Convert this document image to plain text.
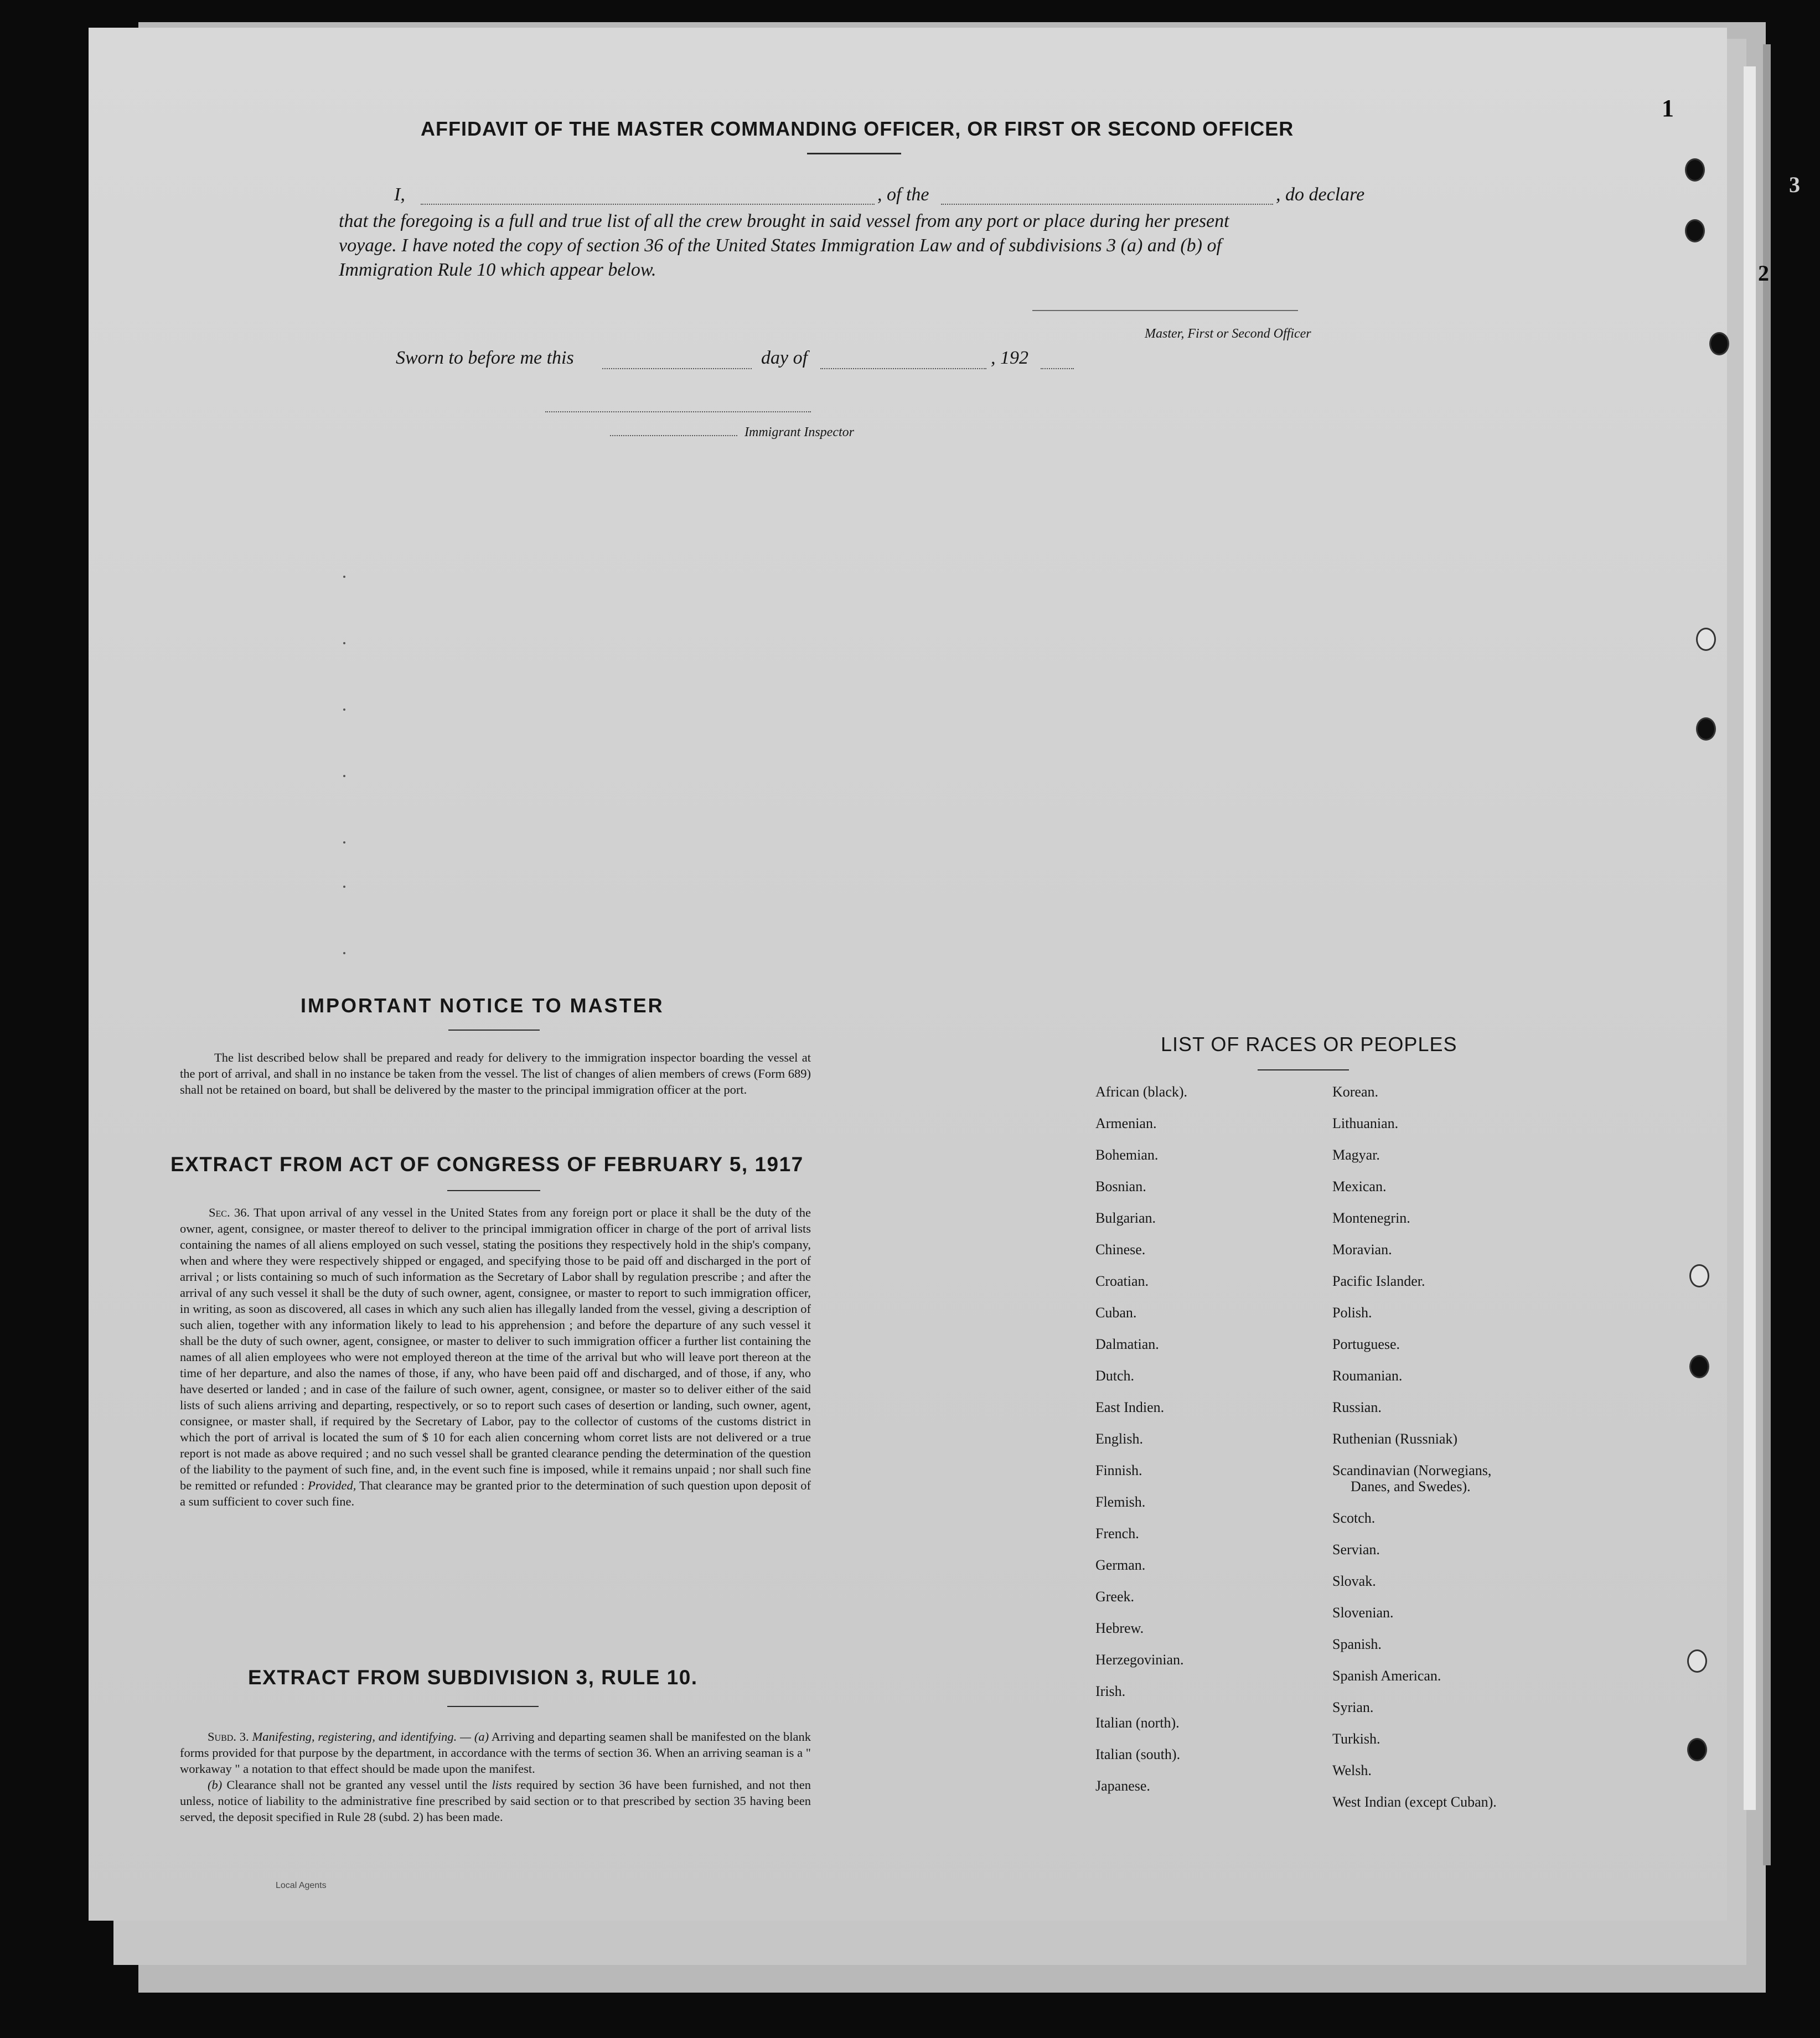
AFFIDAVIT OF THE MASTER COMMANDING OFFICER, OR FIRST OR SECOND OFFICER
I,	, of the	, do declare
that the foregoing is a full and true list of all the crew brought in said vessel from any port or place during her present
voyage. I have noted the copy of section 36 of the United States Immigration Law and of subdivisions 3 (a) and (b) of
Immigration Rule 10 which appear below.
Master, First or Second Officer
Sworn to before me this	day of	, 192
Immigrant Inspector
IMPORTANT NOTICE TO MASTER
The list described below shall be prepared and ready for delivery to the immigration inspector boarding the vessel at the port of arrival, and shall in no instance be taken from the vessel. The list of changes of alien members of crews (Form 689) shall not be retained on board, but shall be delivered by the master to the principal immigration officer at the port.
EXTRACT FROM ACT OF CONGRESS OF FEBRUARY 5, 1917
Sec. 36. That upon arrival of any vessel in the United States from any foreign port or place it shall be the duty of the owner, agent, consignee, or master thereof to deliver to the principal immigration officer in charge of the port of arrival lists containing the names of all aliens employed on such vessel, stating the positions they respectively hold in the ship's company, when and where they were respectively shipped or engaged, and specifying those to be paid off and discharged in the port of arrival ; or lists containing so much of such information as the Secretary of Labor shall by regulation prescribe ; and after the arrival of any such vessel it shall be the duty of such owner, agent, consignee, or master to report to such immigration officer, in writing, as soon as discovered, all cases in which any such alien has illegally landed from the vessel, giving a description of such alien, together with any information likely to lead to his apprehension ; and before the departure of any such vessel it shall be the duty of such owner, agent, consignee, or master to deliver to such immigration officer a further list containing the names of all alien employees who were not employed thereon at the time of the arrival but who will leave port thereon at the time of her departure, and also the names of those, if any, who have been paid off and discharged, and of those, if any, who have deserted or landed ; and in case of the failure of such owner, agent, consignee, or master so to deliver either of the said lists of such aliens arriving and departing, respectively, or so to report such cases of desertion or landing, such owner, agent, consignee, or master shall, if required by the Secretary of Labor, pay to the collector of customs of the customs district in which the port of arrival is located the sum of $ 10 for each alien concerning whom corret lists are not delivered or a true report is not made as above required ; and no such vessel shall be granted clearance pending the determination of the question of the liability to the payment of such fine, and, in the event such fine is imposed, while it remains unpaid ; nor shall such fine be remitted or refunded : Provided, That clearance may be granted prior to the determination of such question upon deposit of a sum sufficient to cover such fine.
EXTRACT FROM SUBDIVISION 3, RULE 10.
Subd. 3. Manifesting, registering, and identifying. — (a) Arriving and departing seamen shall be manifested on the blank forms provided for that purpose by the department, in accordance with the terms of section 36. When an arriving seaman is a " workaway " a notation to that effect should be made upon the manifest.
(b) Clearance shall not be granted any vessel until the lists required by section 36 have been furnished, and not then unless, notice of liability to the administrative fine prescribed by said section or to that prescribed by section 35 having been served, the deposit specified in Rule 28 (subd. 2) has been made.
LIST OF RACES OR PEOPLES
African (black).
Armenian.
Bohemian.
Bosnian.
Bulgarian.
Chinese.
Croatian.
Cuban.
Dalmatian.
Dutch.
East Indien.
English.
Finnish.
Flemish.
French.
German.
Greek.
Hebrew.
Herzegovinian.
Irish.
Italian (north).
Italian (south).
Japanese.
Korean.
Lithuanian.
Magyar.
Mexican.
Montenegrin.
Moravian.
Pacific Islander.
Polish.
Portuguese.
Roumanian.
Russian.
Ruthenian (Russniak)
Scandinavian (Norwegians,
Danes, and Swedes).
Scotch.
Servian.
Slovak.
Slovenian.
Spanish.
Spanish American.
Syrian.
Turkish.
Welsh.
West Indian (except Cuban).
1
2
3
Local Agents
